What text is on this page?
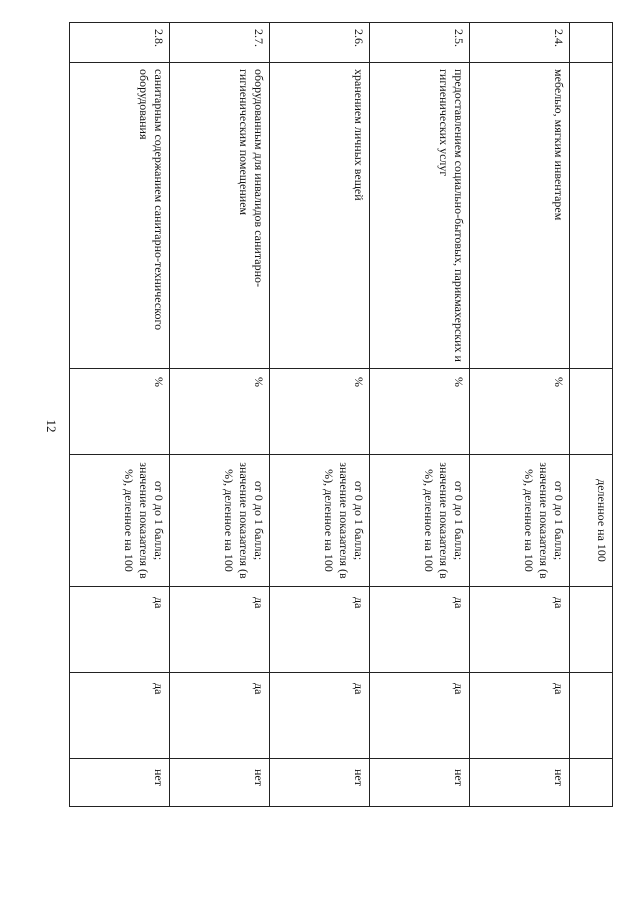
12
			деленное на 100			
2.4.	мебелью, мягким инвентарем	%	от 0 до 1 балла; значение показателя (в %), деленное на 100	да	да	нет
2.5.	предоставлением социально-бытовых, парикмахерских и гигиенических услуг	%	от 0 до 1 балла; значение показателя (в %), деленное на 100	да	да	нет
2.6.	хранением личных вещей	%	от 0 до 1 балла; значение показателя (в %), деленное на 100	да	да	нет
2.7.	оборудованным для инвалидов санитарно-гигиеническим помещением	%	от 0 до 1 балла; значение показателя (в %), деленное на 100	да	да	нет
2.8.	санитарным содержанием санитарно-технического оборудования	%	от 0 до 1 балла; значение показателя (в %), деленное на 100	да	да	нет
